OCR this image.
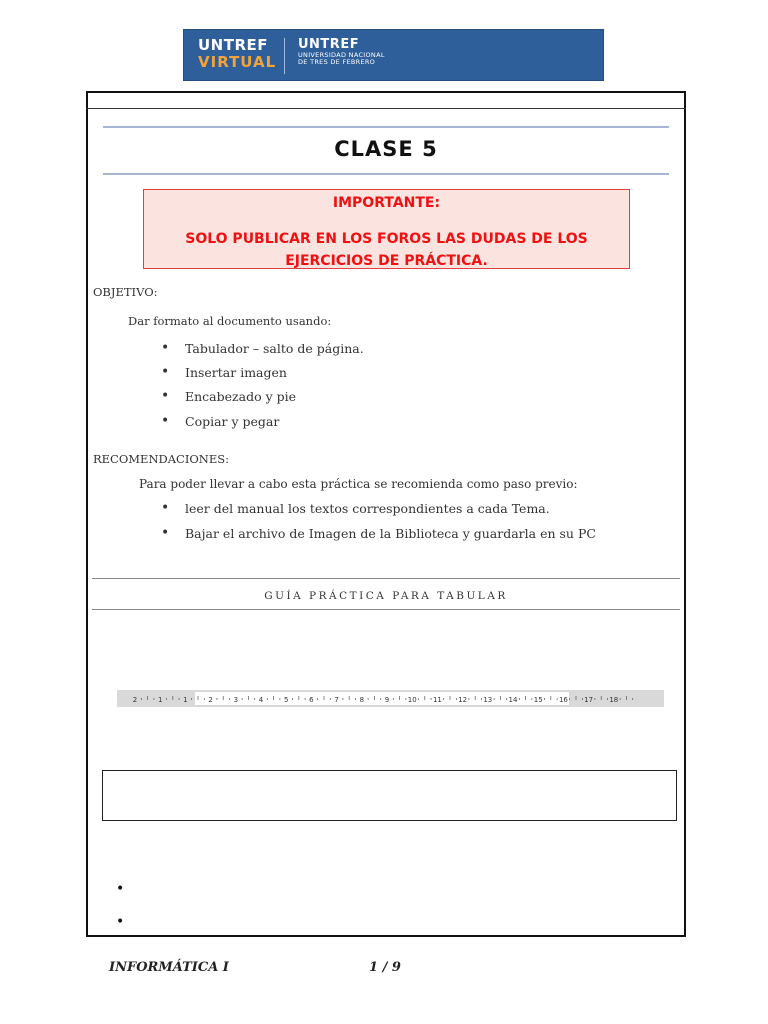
UNTREF
VIRTUAL
UNTREF
UNIVERSIDAD NACIONAL
DE TRES DE FEBRERO
CLASE 5
IMPORTANTE:
SOLO PUBLICAR EN LOS FOROS LAS DUDAS DE LOS EJERCICIOS DE PRÁCTICA.
OBJETIVO:
Dar formato al documento usando:
• Tabulador – salto de página.
• Insertar imagen
• Encabezado y pie
• Copiar y pegar
RECOMENDACIONES:
Para poder llevar a cabo esta práctica se recomienda como paso previo:
• leer del manual los textos correspondientes a cada Tema.
• Bajar el archivo de Imagen de la Biblioteca y guardarla en su PC
GUÍA PRÁCTICA PARA TABULAR
2	1	1	2	3	4	5	6	7	8	9	10 11 12 13 14 15 16 17 18
•
•
INFORMÁTICA I	1 / 9
